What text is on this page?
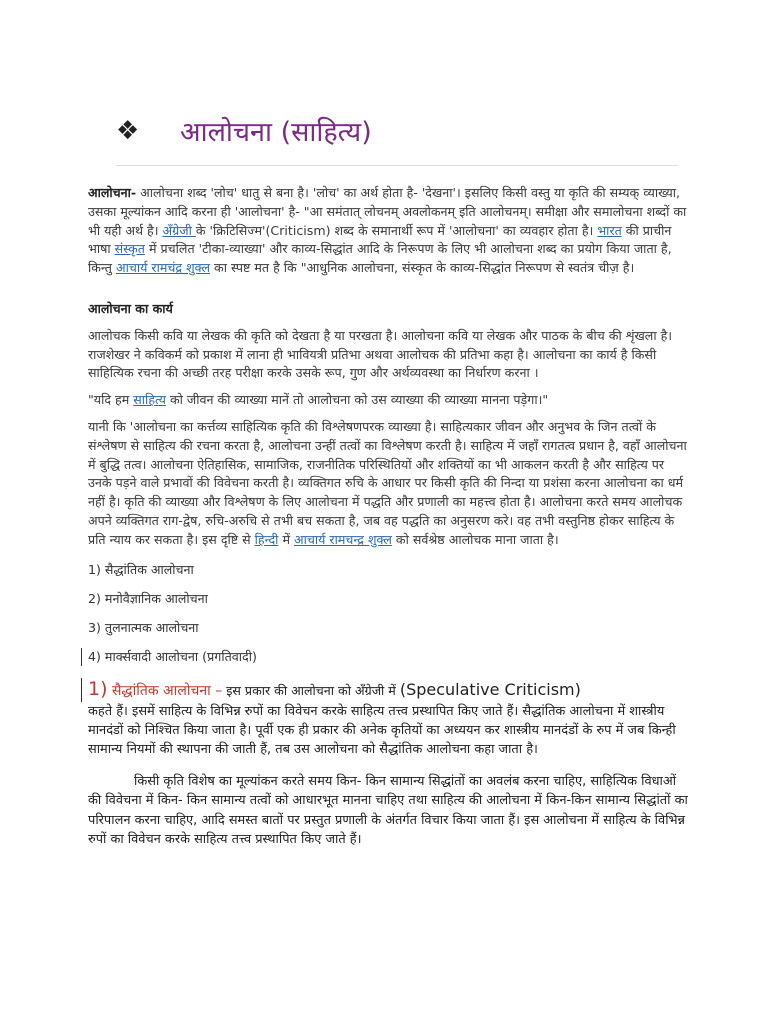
❖	आलोचना (साहित्य)

आलोचना- आलोचना शब्द 'लोच' धातु से बना है। 'लोच' का अर्थ होता है- 'देखना'। इसलिए किसी वस्तु या कृति की सम्यक् व्याख्या, उसका मूल्यांकन आदि करना ही 'आलोचना' है- "आ समंतात् लोचनम् अवलोकनम् इति आलोचनम्। समीक्षा और समालोचना शब्दों का भी यही अर्थ है। अँग्रेजी के 'क्रिटिसिज्म'(Criticism) शब्द के समानार्थी रूप में 'आलोचना' का व्यवहार होता है। भारत की प्राचीन भाषा संस्कृत में प्रचलित 'टीका-व्याख्या' और काव्य-सिद्धांत आदि के निरूपण के लिए भी आलोचना शब्द का प्रयोग किया जाता है, किन्तु आचार्य रामचंद्र शुक्ल का स्पष्ट मत है कि "आधुनिक आलोचना, संस्कृत के काव्य-सिद्धांत निरूपण से स्वतंत्र चीज़ है।

आलोचना का कार्य

आलोचक किसी कवि या लेखक की कृति को देखता है या परखता है। आलोचना कवि या लेखक और पाठक के बीच की शृंखला है। राजशेखर ने कविकर्म को प्रकाश में लाना ही भावियत्री प्रतिभा अथवा आलोचक की प्रतिभा कहा है। आलोचना का कार्य है किसी साहित्यिक रचना की अच्छी तरह परीक्षा करके उसके रूप, गुण और अर्थव्यवस्था का निर्धारण करना ।

"यदि हम साहित्य को जीवन की व्याख्या मानें तो आलोचना को उस व्याख्या की व्याख्या मानना पड़ेगा।"

यानी कि 'आलोचना का कर्त्तव्य साहित्यिक कृति की विश्लेषणपरक व्याख्या है। साहित्यकार जीवन और अनुभव के जिन तत्वों के संश्लेषण से साहित्य की रचना करता है, आलोचना उन्हीं तत्वों का विश्लेषण करती है। साहित्य में जहाँ रागतत्व प्रधान है, वहाँ आलोचना में बुद्धि तत्व। आलोचना ऐतिहासिक, सामाजिक, राजनीतिक परिस्थितियों और शक्तियों का भी आकलन करती है और साहित्य पर उनके पड़ने वाले प्रभावों की विवेचना करती है। व्यक्तिगत रुचि के आधार पर किसी कृति की निन्दा या प्रशंसा करना आलोचना का धर्म नहीं है। कृति की व्याख्या और विश्लेषण के लिए आलोचना में पद्धति और प्रणाली का महत्त्व होता है। आलोचना करते समय आलोचक अपने व्यक्तिगत राग-द्वेष, रुचि-अरुचि से तभी बच सकता है, जब वह पद्धति का अनुसरण करे। वह तभी वस्तुनिष्ठ होकर साहित्य के प्रति न्याय कर सकता है। इस दृष्टि से हिन्दी में आचार्य रामचन्द्र शुक्ल को सर्वश्रेष्ठ आलोचक माना जाता है।

1) सैद्धांतिक आलोचना
2) मनोवैज्ञानिक आलोचना
3) तुलनात्मक आलोचना
4) मार्क्सवादी आलोचना (प्रगतिवादी)
1) सैद्धांतिक आलोचना – इस प्रकार की आलोचना को अँग्रेजी में (Speculative Criticism)

कहते हैं। इसमें साहित्य के विभिन्न रुपों का विवेचन करके साहित्य तत्त्व प्रस्थापित किए जाते हैं। सैद्धांतिक आलोचना में शास्त्रीय मानदंडों को निश्चित किया जाता है। पूर्वी एक ही प्रकार की अनेक कृतियों का अध्ययन कर शास्त्रीय मानदंडों के रुप में जब किन्ही सामान्य नियमों की स्थापना की जाती हैं, तब उस आलोचना को सैद्धांतिक आलोचना कहा जाता है।

किसी कृति विशेष का मूल्यांकन करते समय किन- किन सामान्य सिद्धांतों का अवलंब करना चाहिए, साहित्यिक विधाओं की विवेचना में किन- किन सामान्य तत्वों को आधारभूत मानना चाहिए तथा साहित्य की आलोचना में किन-किन सामान्य सिद्धांतों का परिपालन करना चाहिए, आदि समस्त बातों पर प्रस्तुत प्रणाली के अंतर्गत विचार किया जाता हैं। इस आलोचना में साहित्य के विभिन्न रुपों का विवेचन करके साहित्य तत्त्व प्रस्थापित किए जाते हैं।
